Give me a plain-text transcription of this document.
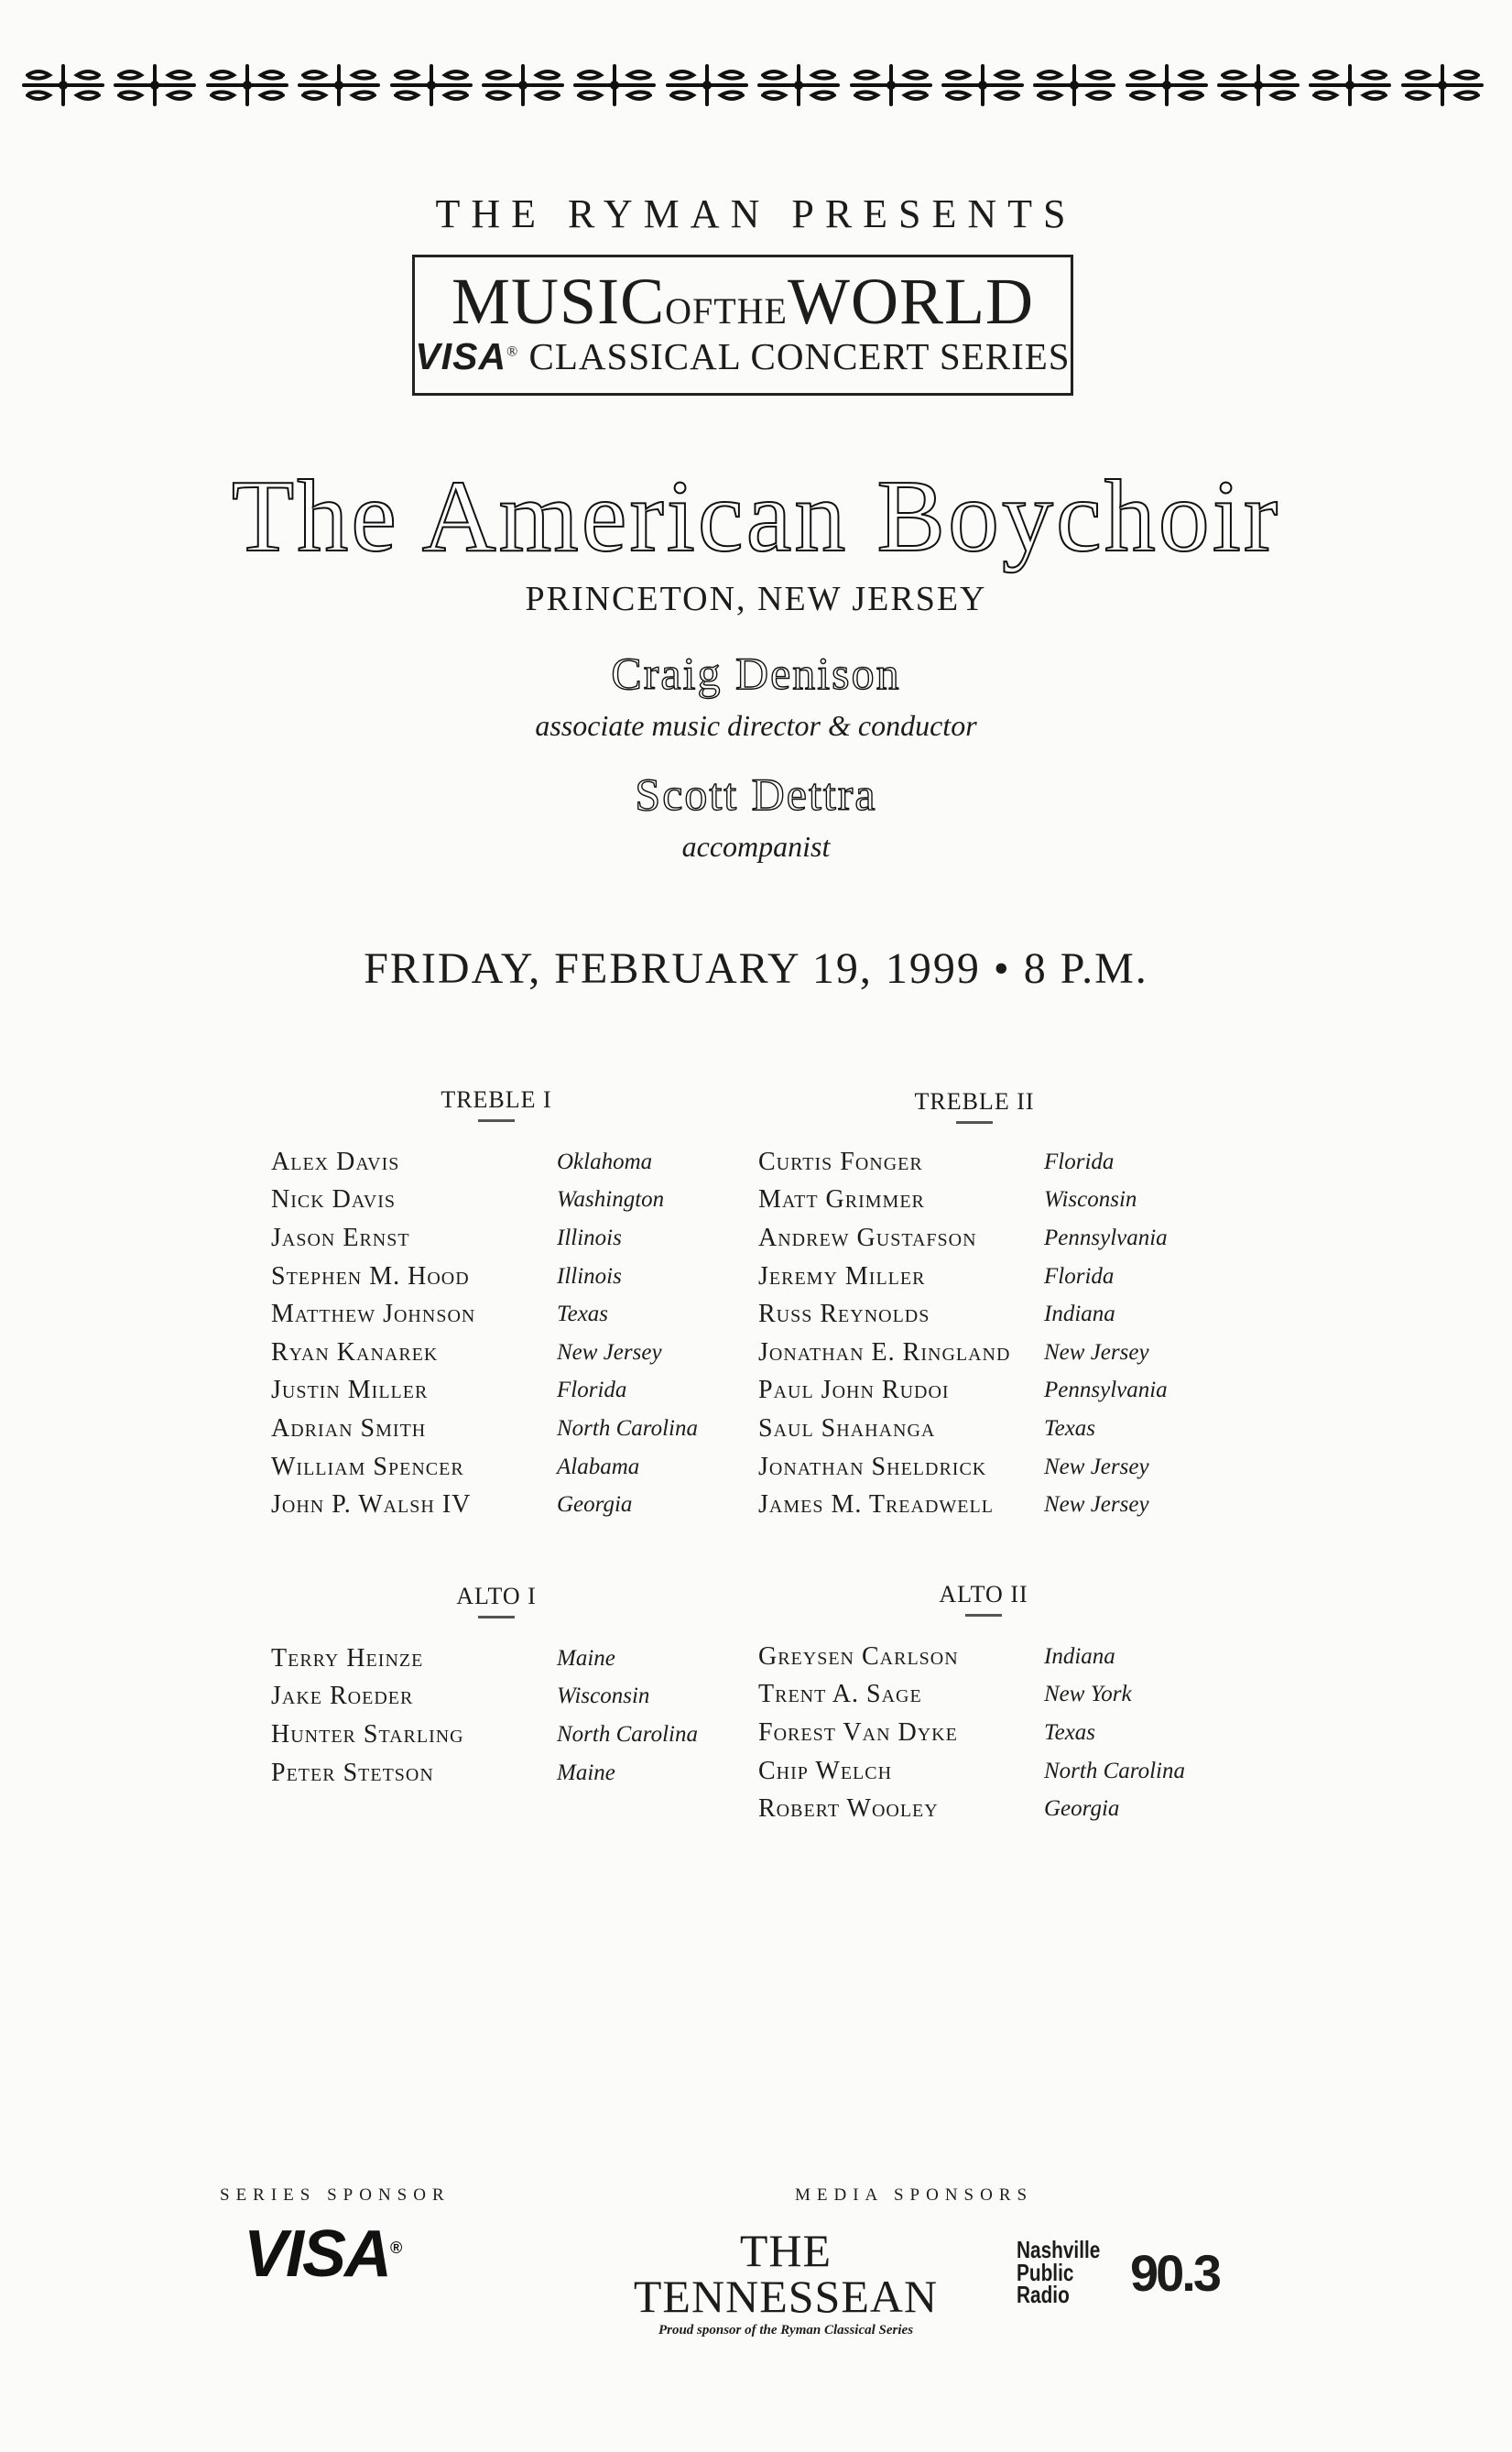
THE RYMAN PRESENTS
MUSICOFTHEWORLD
VISA® CLASSICAL CONCERT SERIES
The American Boychoir
PRINCETON, NEW JERSEY
Craig Denison
associate music director & conductor
Scott Dettra
accompanist
FRIDAY, FEBRUARY 19, 1999 • 8 P.M.
TREBLE I	TREBLE II
ALTO I	ALTO II
Alex Davis	Oklahoma
Nick Davis	Washington
Jason Ernst	Illinois
Stephen M. Hood	Illinois
Matthew Johnson	Texas
Ryan Kanarek	New Jersey
Justin Miller	Florida
Adrian Smith	North Carolina
William Spencer	Alabama
John P. Walsh IV	Georgia
Curtis Fonger	Florida
Matt Grimmer	Wisconsin
Andrew Gustafson	Pennsylvania
Jeremy Miller	Florida
Russ Reynolds	Indiana
Jonathan E. Ringland	New Jersey
Paul John Rudoi	Pennsylvania
Saul Shahanga	Texas
Jonathan Sheldrick	New Jersey
James M. Treadwell	New Jersey
Terry Heinze	Maine
Jake Roeder	Wisconsin
Hunter Starling	North Carolina
Peter Stetson	Maine
Greysen Carlson	Indiana
Trent A. Sage	New York
Forest Van Dyke	Texas
Chip Welch	North Carolina
Robert Wooley	Georgia
SERIES SPONSOR
VISA®
MEDIA SPONSORS
THE TENNESSEAN
Proud sponsor of the Ryman Classical Series
Nashville
Public Radio	90.3
